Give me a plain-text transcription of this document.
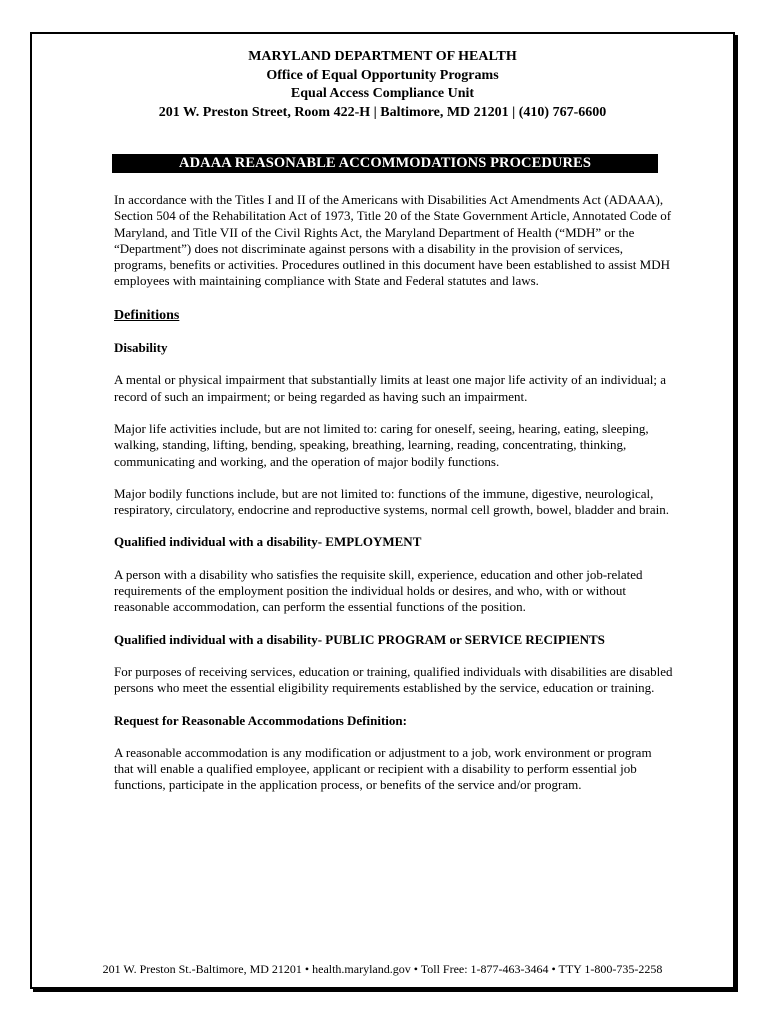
MARYLAND DEPARTMENT OF HEALTH
Office of Equal Opportunity Programs
Equal Access Compliance Unit
201 W. Preston Street, Room 422-H | Baltimore, MD 21201 | (410) 767-6600
ADAAA REASONABLE ACCOMMODATIONS PROCEDURES

In accordance with the Titles I and II of the Americans with Disabilities Act Amendments Act (ADAAA), Section 504 of the Rehabilitation Act of 1973, Title 20 of the State Government Article, Annotated Code of Maryland, and Title VII of the Civil Rights Act, the Maryland Department of Health (“MDH” or the “Department”) does not discriminate against persons with a disability in the provision of services, programs, benefits or activities. Procedures outlined in this document have been established to assist MDH employees with maintaining compliance with State and Federal statutes and laws.

Definitions

Disability

A mental or physical impairment that substantially limits at least one major life activity of an individual; a record of such an impairment; or being regarded as having such an impairment.

Major life activities include, but are not limited to: caring for oneself, seeing, hearing, eating, sleeping, walking, standing, lifting, bending, speaking, breathing, learning, reading, concentrating, thinking, communicating and working, and the operation of major bodily functions.

Major bodily functions include, but are not limited to: functions of the immune, digestive, neurological, respiratory, circulatory, endocrine and reproductive systems, normal cell growth, bowel, bladder and brain.

Qualified individual with a disability- EMPLOYMENT

A person with a disability who satisfies the requisite skill, experience, education and other job-related requirements of the employment position the individual holds or desires, and who, with or without reasonable accommodation, can perform the essential functions of the position.

Qualified individual with a disability- PUBLIC PROGRAM or SERVICE RECIPIENTS

For purposes of receiving services, education or training, qualified individuals with disabilities are disabled persons who meet the essential eligibility requirements established by the service, education or training.

Request for Reasonable Accommodations Definition:

A reasonable accommodation is any modification or adjustment to a job, work environment or program that will enable a qualified employee, applicant or recipient with a disability to perform essential job functions, participate in the application process, or benefits of the service and/or program.

201 W. Preston St.-Baltimore, MD 21201 • health.maryland.gov • Toll Free: 1-877-463-3464 • TTY 1-800-735-2258
